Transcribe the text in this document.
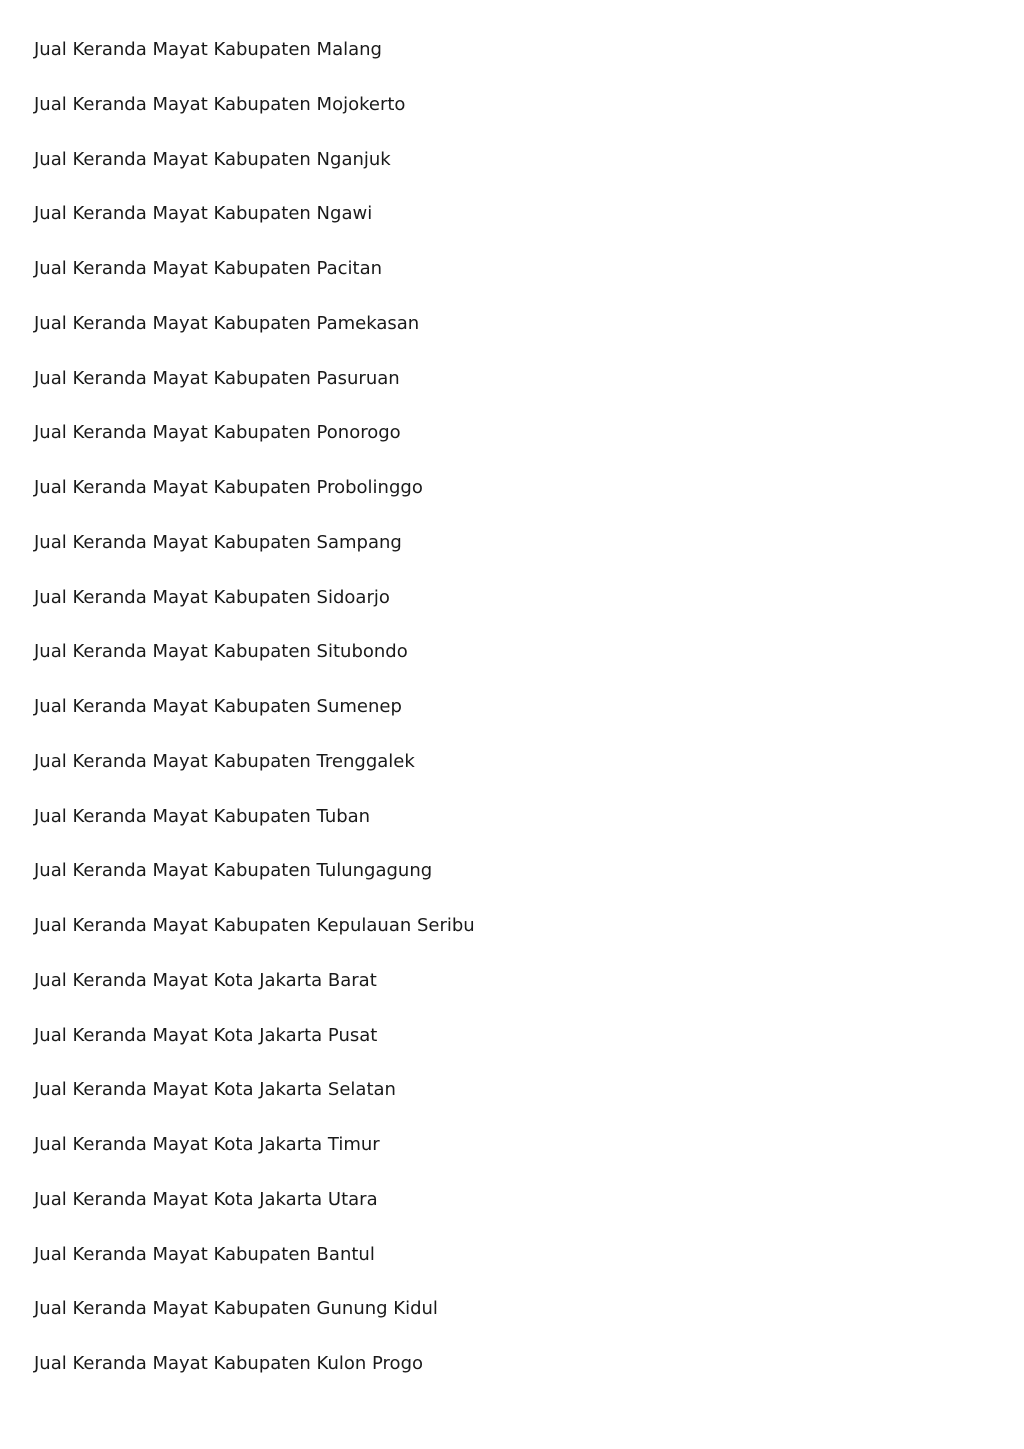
Jual Keranda Mayat Kabupaten Malang
Jual Keranda Mayat Kabupaten Mojokerto
Jual Keranda Mayat Kabupaten Nganjuk
Jual Keranda Mayat Kabupaten Ngawi
Jual Keranda Mayat Kabupaten Pacitan
Jual Keranda Mayat Kabupaten Pamekasan
Jual Keranda Mayat Kabupaten Pasuruan
Jual Keranda Mayat Kabupaten Ponorogo
Jual Keranda Mayat Kabupaten Probolinggo
Jual Keranda Mayat Kabupaten Sampang
Jual Keranda Mayat Kabupaten Sidoarjo
Jual Keranda Mayat Kabupaten Situbondo
Jual Keranda Mayat Kabupaten Sumenep
Jual Keranda Mayat Kabupaten Trenggalek
Jual Keranda Mayat Kabupaten Tuban
Jual Keranda Mayat Kabupaten Tulungagung
Jual Keranda Mayat Kabupaten Kepulauan Seribu
Jual Keranda Mayat Kota Jakarta Barat
Jual Keranda Mayat Kota Jakarta Pusat
Jual Keranda Mayat Kota Jakarta Selatan
Jual Keranda Mayat Kota Jakarta Timur
Jual Keranda Mayat Kota Jakarta Utara
Jual Keranda Mayat Kabupaten Bantul
Jual Keranda Mayat Kabupaten Gunung Kidul
Jual Keranda Mayat Kabupaten Kulon Progo
